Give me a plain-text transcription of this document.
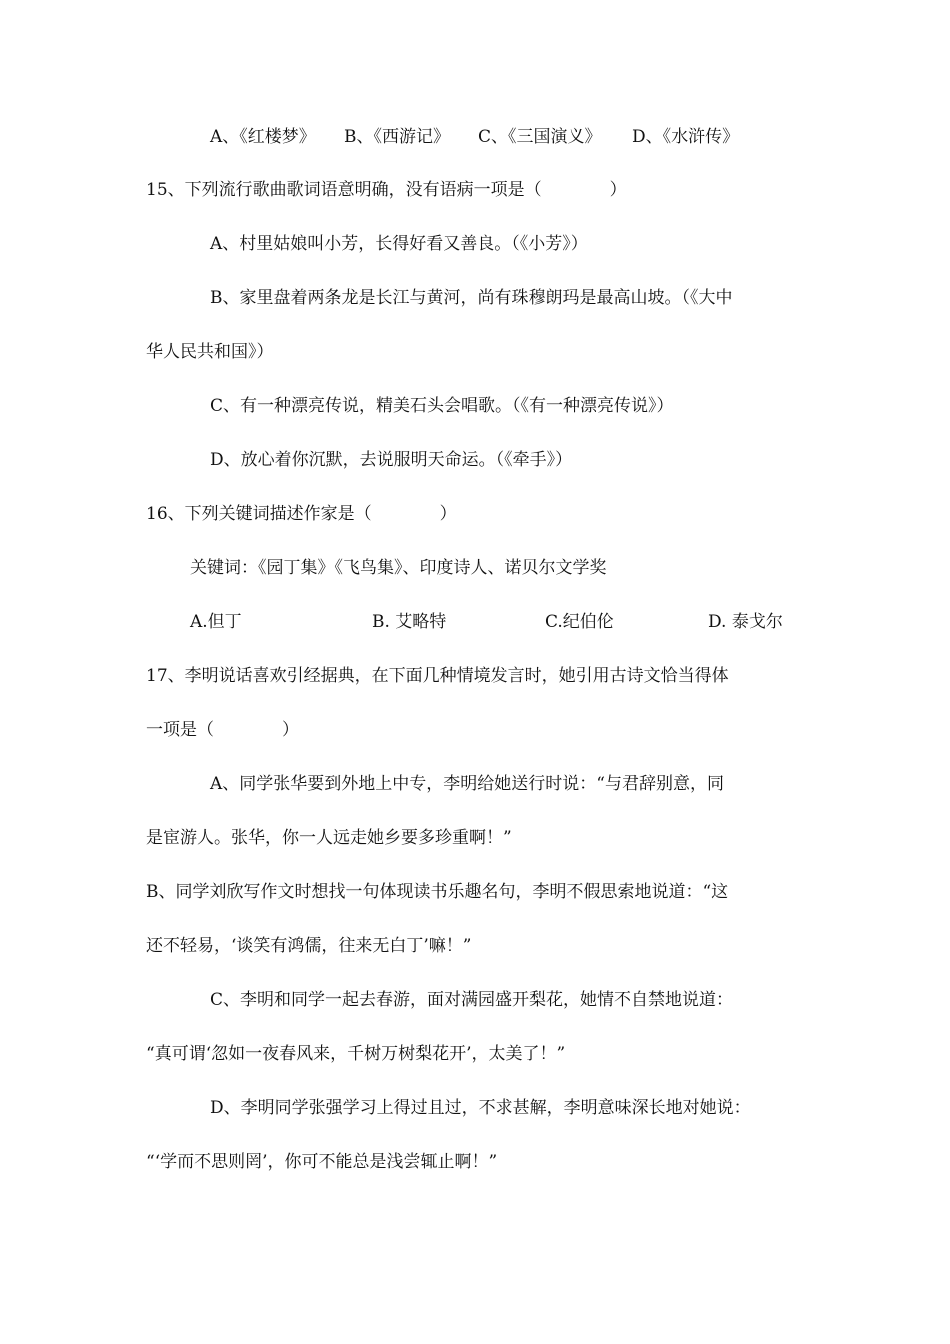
A、《红楼梦》 B、《西游记》 C、《三国演义》 D、《水浒传》
15、下列流行歌曲歌词语意明确，没有语病一项是（　　　　）
A、村里姑娘叫小芳，长得好看又善良。（《小芳》）
B、家里盘着两条龙是长江与黄河，尚有珠穆朗玛是最高山坡。（《大中
华人民共和国》）
C、有一种漂亮传说，精美石头会唱歌。（《有一种漂亮传说》）
D、放心着你沉默，去说服明天命运。（《牵手》）
16、下列关键词描述作家是（　　　　）
关键词：《园丁集》《飞鸟集》、印度诗人、诺贝尔文学奖
A.但丁	B. 艾略特	C.纪伯伦	D. 泰戈尔
17、李明说话喜欢引经据典，在下面几种情境发言时，她引用古诗文恰当得体
一项是（　　　　）
A、同学张华要到外地上中专，李明给她送行时说：“与君辞别意，同
是宦游人。张华，你一人远走她乡要多珍重啊！”
B、同学刘欣写作文时想找一句体现读书乐趣名句，李明不假思索地说道：“这
还不轻易，‘谈笑有鸿儒，往来无白丁’嘛！”
C、李明和同学一起去春游，面对满园盛开梨花，她情不自禁地说道：
“真可谓‘忽如一夜春风来，千树万树梨花开’，太美了！”
D、李明同学张强学习上得过且过，不求甚解，李明意味深长地对她说：
“‘学而不思则罔’，你可不能总是浅尝辄止啊！”
